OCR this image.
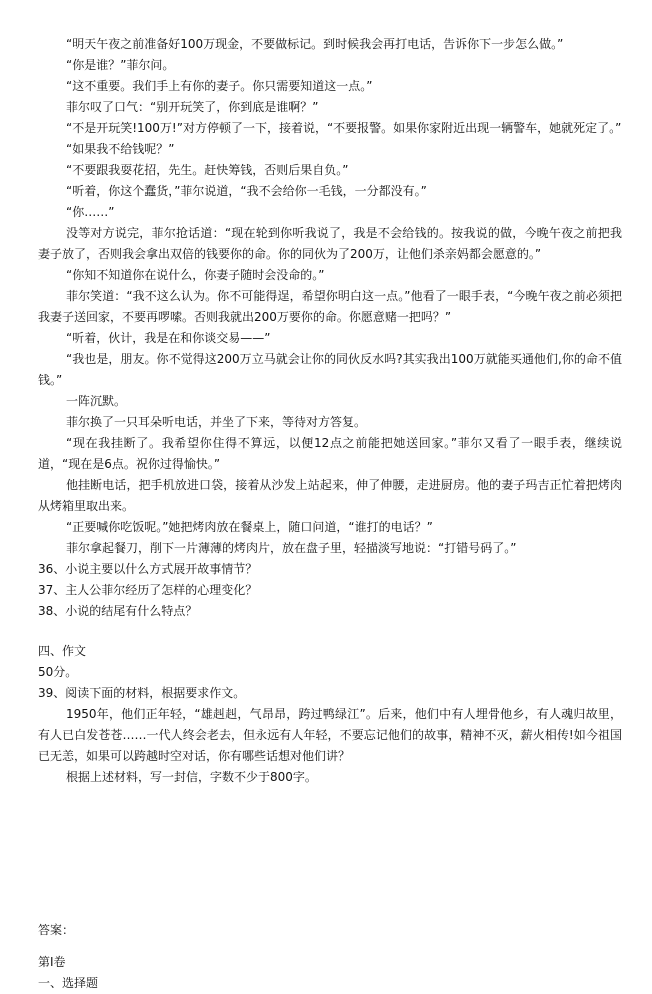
“明天午夜之前准备好100万现金，不要做标记。到时候我会再打电话，告诉你下一步怎么做。”

“你是谁？”菲尔问。

“这不重要。我们手上有你的妻子。你只需要知道这一点。”

菲尔叹了口气：“别开玩笑了，你到底是谁啊？”

“不是开玩笑!100万!”对方停顿了一下，接着说，“不要报警。如果你家附近出现一辆警车，她就死定了。”

“如果我不给钱呢？”

“不要跟我耍花招，先生。赶快筹钱，否则后果自负。”

“听着，你这个蠢货，”菲尔说道，“我不会给你一毛钱，一分都没有。”

“你……”

没等对方说完，菲尔抢话道：“现在轮到你听我说了，我是不会给钱的。按我说的做，今晚午夜之前把我妻子放了，否则我会拿出双倍的钱要你的命。你的同伙为了200万，让他们杀亲妈都会愿意的。”

“你知不知道你在说什么，你妻子随时会没命的。”

菲尔笑道：“我不这么认为。你不可能得逞，希望你明白这一点。”他看了一眼手表，“今晚午夜之前必须把我妻子送回家，不要再啰嗦。否则我就出200万要你的命。你愿意赌一把吗？”

“听着，伙计，我是在和你谈交易——”

“我也是，朋友。你不觉得这200万立马就会让你的同伙反水吗?其实我出100万就能买通他们,你的命不值钱。”

一阵沉默。

菲尔换了一只耳朵听电话，并坐了下来，等待对方答复。

“现在我挂断了。我希望你住得不算远，以便12点之前能把她送回家。”菲尔又看了一眼手表，继续说道，“现在是6点。祝你过得愉快。”

他挂断电话，把手机放进口袋，接着从沙发上站起来，伸了伸腰，走进厨房。他的妻子玛吉正忙着把烤肉从烤箱里取出来。

“正要喊你吃饭呢。”她把烤肉放在餐桌上，随口问道，“谁打的电话？”

菲尔拿起餐刀，削下一片薄薄的烤肉片，放在盘子里，轻描淡写地说：“打错号码了。”

36、小说主要以什么方式展开故事情节？

37、主人公菲尔经历了怎样的心理变化？

38、小说的结尾有什么特点？

四、作文

50分。

39、阅读下面的材料，根据要求作文。

1950年，他们正年轻，“雄赳赳，气昂昂，跨过鸭绿江”。后来，他们中有人埋骨他乡，有人魂归故里，有人已白发苍苍……一代人终会老去，但永远有人年轻，不要忘记他们的故事，精神不灭，薪火相传!如今祖国已无恙，如果可以跨越时空对话，你有哪些话想对他们讲？

根据上述材料，写一封信，字数不少于800字。

答案：

第Ⅰ卷

一、选择题
